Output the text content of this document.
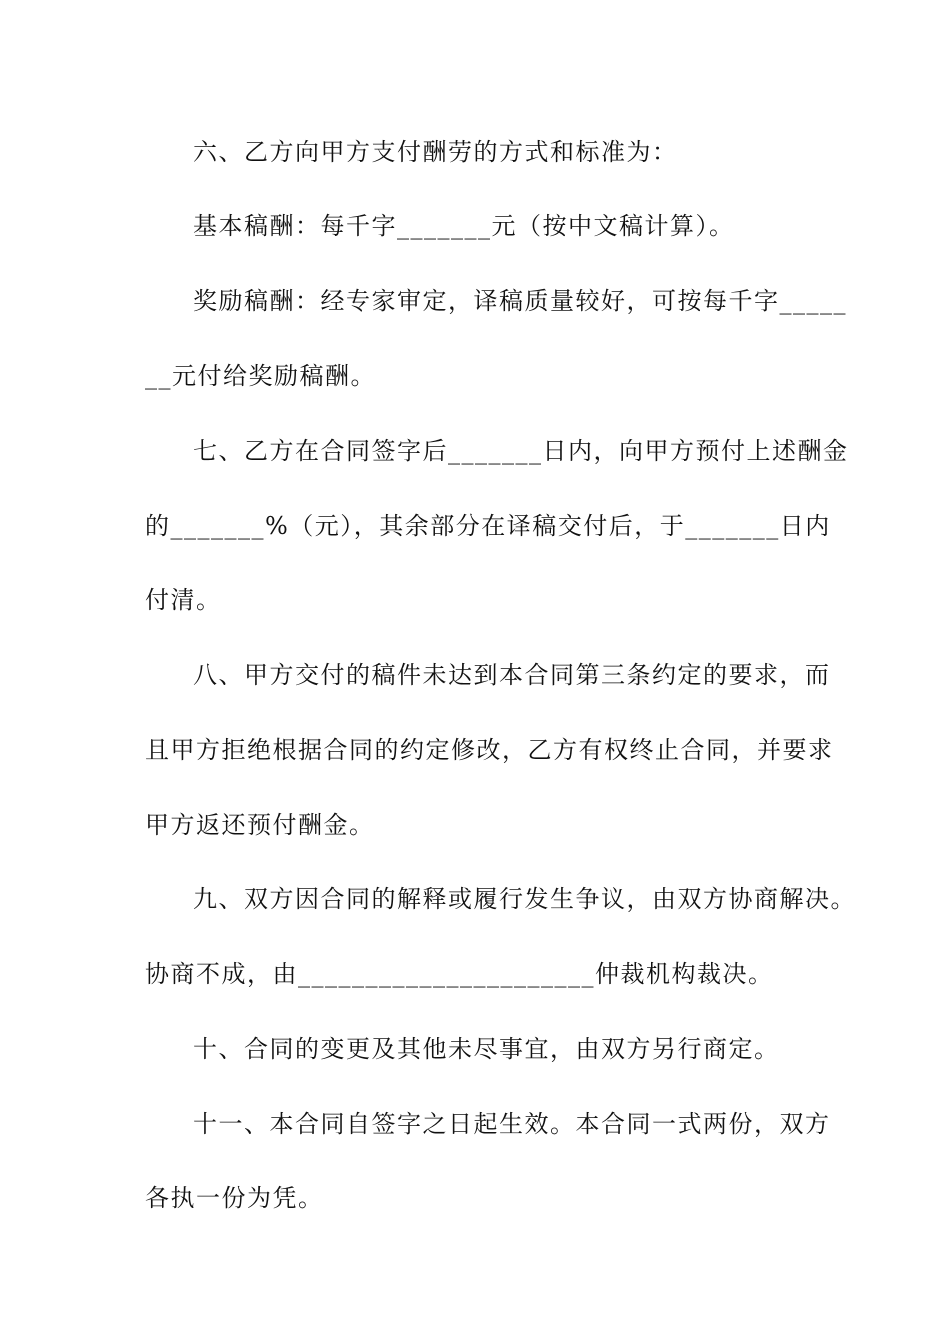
六、乙方向甲方支付酬劳的方式和标准为：
基本稿酬：每千字_______元（按中文稿计算）。
奖励稿酬：经专家审定，译稿质量较好，可按每千字_____
__元付给奖励稿酬。
七、乙方在合同签字后_______日内，向甲方预付上述酬金
的_______%（元），其余部分在译稿交付后，于_______日内
付清。
八、甲方交付的稿件未达到本合同第三条约定的要求，而
且甲方拒绝根据合同的约定修改，乙方有权终止合同，并要求
甲方返还预付酬金。
九、双方因合同的解释或履行发生争议，由双方协商解决。
协商不成，由______________________仲裁机构裁决。
十、合同的变更及其他未尽事宜，由双方另行商定。
十一、本合同自签字之日起生效。本合同一式两份，双方
各执一份为凭。
